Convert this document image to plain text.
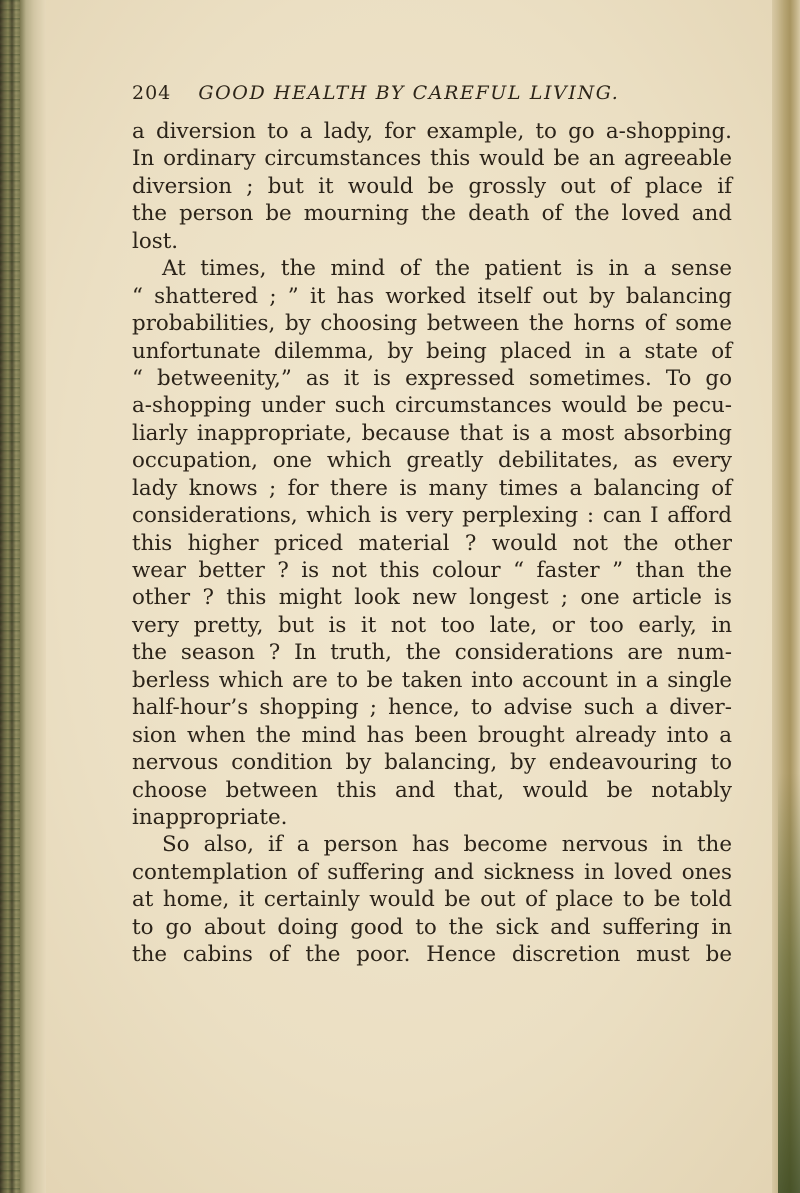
204 GOOD HEALTH BY CAREFUL LIVING.
a diversion to a lady, for example, to go a-shopping.
In ordinary circumstances this would be an agreeable
diversion ; but it would be grossly out of place if
the person be mourning the death of the loved and
lost.
At times, the mind of the patient is in a sense
“ shattered ; ” it has worked itself out by balancing
probabilities, by choosing between the horns of some
unfortunate dilemma, by being placed in a state of
“ betweenity,” as it is expressed sometimes. To go
a-shopping under such circumstances would be pecu-
liarly inappropriate, because that is a most absorbing
occupation, one which greatly debilitates, as every
lady knows ; for there is many times a balancing of
considerations, which is very perplexing : can I afford
this higher priced material ? would not the other
wear better ? is not this colour “ faster ” than the
other ? this might look new longest ; one article is
very pretty, but is it not too late, or too early, in
the season ? In truth, the considerations are num-
berless which are to be taken into account in a single
half-hour’s shopping ; hence, to advise such a diver-
sion when the mind has been brought already into a
nervous condition by balancing, by endeavouring to
choose between this and that, would be notably
inappropriate.
So also, if a person has become nervous in the
contemplation of suffering and sickness in loved ones
at home, it certainly would be out of place to be told
to go about doing good to the sick and suffering in
the cabins of the poor. Hence discretion must be
